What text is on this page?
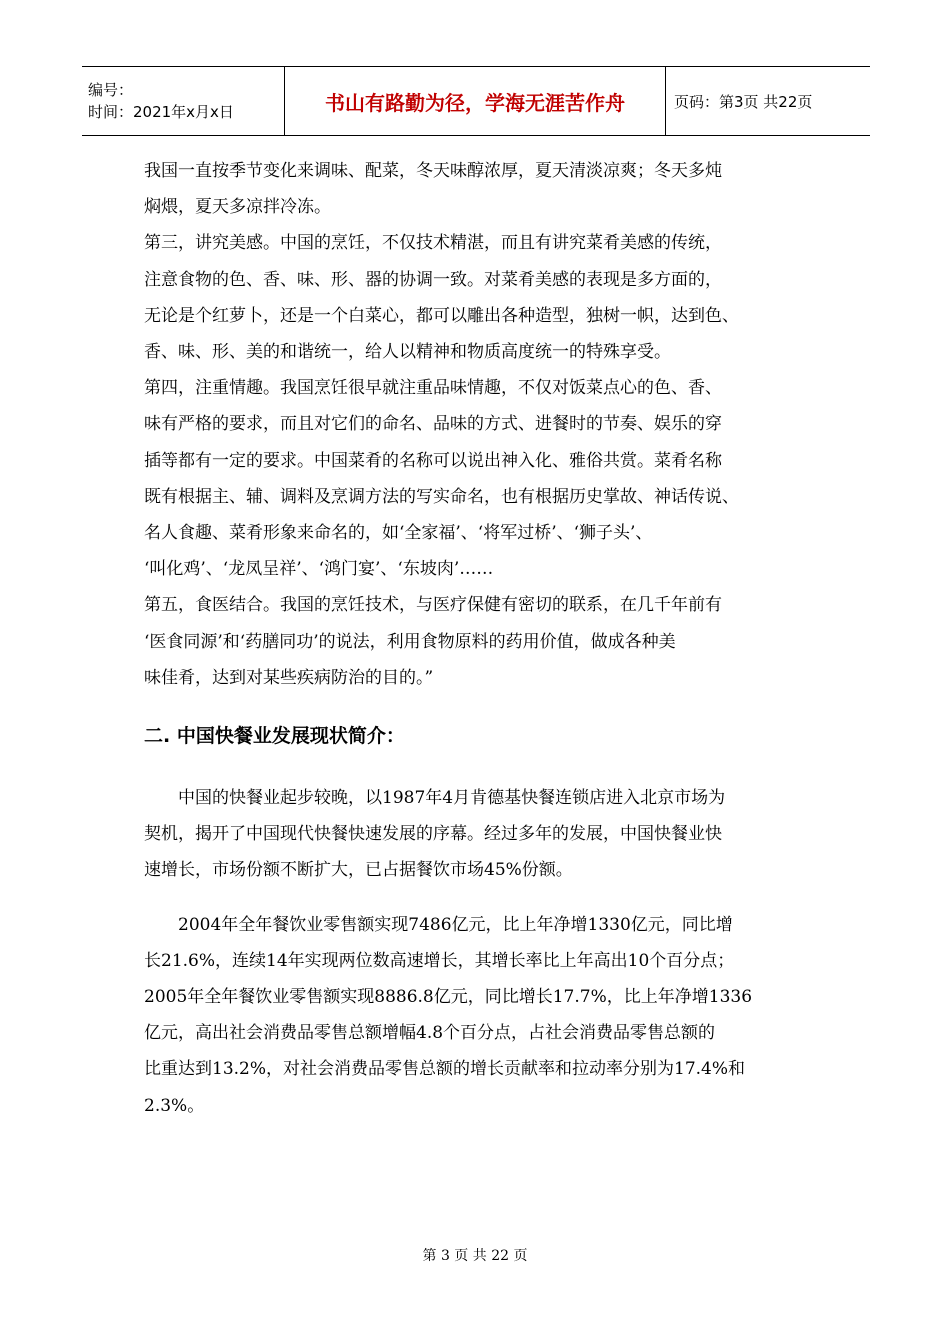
编号：
时间：2021年x月x日	书山有路勤为径，学海无涯苦作舟	页码：第3页 共22页

我国一直按季节变化来调味、配菜，冬天味醇浓厚，夏天清淡凉爽；冬天多炖
焖煨，夏天多凉拌冷冻。

第三，讲究美感。中国的烹饪，不仅技术精湛，而且有讲究菜肴美感的传统，
注意食物的色、香、味、形、器的协调一致。对菜肴美感的表现是多方面的，
无论是个红萝卜，还是一个白菜心，都可以雕出各种造型，独树一帜，达到色、
香、味、形、美的和谐统一，给人以精神和物质高度统一的特殊享受。

第四，注重情趣。我国烹饪很早就注重品味情趣，不仅对饭菜点心的色、香、
味有严格的要求，而且对它们的命名、品味的方式、进餐时的节奏、娱乐的穿
插等都有一定的要求。中国菜肴的名称可以说出神入化、雅俗共赏。菜肴名称
既有根据主、辅、调料及烹调方法的写实命名，也有根据历史掌故、神话传说、
名人食趣、菜肴形象来命名的，如‘全家福’、‘将军过桥’、‘狮子头’、
‘叫化鸡’、‘龙凤呈祥’、‘鸿门宴’、‘东坡肉’……

第五，食医结合。我国的烹饪技术，与医疗保健有密切的联系，在几千年前有
‘医食同源’和‘药膳同功’的说法，利用食物原料的药用价值，做成各种美
味佳肴，达到对某些疾病防治的目的。”

二. 中国快餐业发展现状简介：

中国的快餐业起步较晚，以1987年4月肯德基快餐连锁店进入北京市场为
契机，揭开了中国现代快餐快速发展的序幕。经过多年的发展，中国快餐业快
速增长，市场份额不断扩大，已占据餐饮市场45%份额。

2004年全年餐饮业零售额实现7486亿元，比上年净增1330亿元，同比增
长21.6%，连续14年实现两位数高速增长，其增长率比上年高出10个百分点；
2005年全年餐饮业零售额实现8886.8亿元，同比增长17.7%，比上年净增1336
亿元，高出社会消费品零售总额增幅4.8个百分点，占社会消费品零售总额的
比重达到13.2%，对社会消费品零售总额的增长贡献率和拉动率分别为17.4%和
2.3%。

第 3 页 共 22 页
